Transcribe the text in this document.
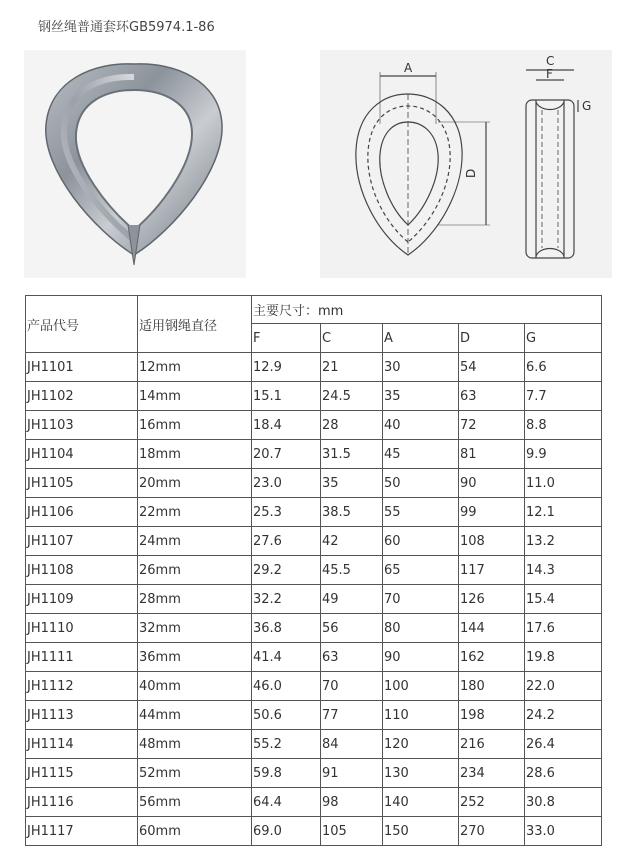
钢丝绳普通套环GB5974.1-86
A
D
C
F
G
产品代号	适用钢绳直径	主要尺寸：mm				
		F	C	A	D	G
JH1101	12mm	12.9	21	30	54	6.6
JH1102	14mm	15.1	24.5	35	63	7.7
JH1103	16mm	18.4	28	40	72	8.8
JH1104	18mm	20.7	31.5	45	81	9.9
JH1105	20mm	23.0	35	50	90	11.0
JH1106	22mm	25.3	38.5	55	99	12.1
JH1107	24mm	27.6	42	60	108	13.2
JH1108	26mm	29.2	45.5	65	117	14.3
JH1109	28mm	32.2	49	70	126	15.4
JH1110	32mm	36.8	56	80	144	17.6
JH1111	36mm	41.4	63	90	162	19.8
JH1112	40mm	46.0	70	100	180	22.0
JH1113	44mm	50.6	77	110	198	24.2
JH1114	48mm	55.2	84	120	216	26.4
JH1115	52mm	59.8	91	130	234	28.6
JH1116	56mm	64.4	98	140	252	30.8
JH1117	60mm	69.0	105	150	270	33.0
